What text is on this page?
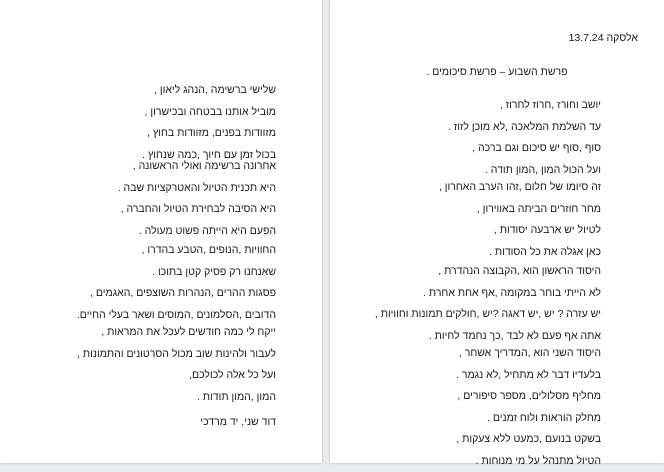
שלישי ברשימה ,הנהג ליאון ,
מוביל אותנו בבטחה ובכישרון ,
מזוודות בפנים, מזוודות בחוץ ,
בכול זמן עם חיוך ,כמה שנחוץ .
אחרונה ברשימה ואולי הראשונה ,
היא תכנית הטיול והאטרקציות שבה .
היא הסיבה לבחירת הטיול והחברה ,
הפעם היא הייתה פשוט מעולה .
החוויות ,הנופים ,הטבע בהדרו ,
שאנחנו רק פסיק קטן בתוכו .
פסגות ההרים ,הנהרות השוצפים ,האגמים ,
הדובים ,הסלמונים ,המוסים ושאר בעלי החיים.
ייקח לי כמה חודשים לעכל את המראות ,
לעבור ולהינות שוב מכול הסרטונים והתמונות ,
ועל כל אלה לכולכם,
המון ,המון תודות .
דוד שני, יד מרדכי
אלסקה 13.7.24
פרשת השבוע – פרשת סיכומים .
יושב וחורז ,חרוז לחרוז ,
עד השלמת המלאכה ,לא מוכן לזוז .
סוף ,סוף יש סיכום וגם ברכה ,
ועל הכול המון ,המון תודה .
זה סיומו של חלום ,זהו הערב האחרון ,
מחר חוזרים הביתה באווירון ,
לטיול יש ארבעה יסודות ,
כאן אגלה את כל הסודות .
היסוד הראשון הוא ,הקבוצה הנהדרת ,
לא הייתי בוחר במקומה ,אף אחת אחרת .
יש עזרה ? יש ,יש דאגה ?יש ,חולקים תמונות וחוויות ,
אתה אף פעם לא לבד ,כך נחמד לחיות .
היסוד השני הוא ,המדריך אשחר ,
בלעדיו דבר לא מתחיל ,לא נגמר .
מחליף מסלולים, מספר סיפורים ,
מחלק הוראות ולוח זמנים .
בשקט בנועם ,כמעט ללא צעקות ,
הטיול מתנהל על מי מנוחות .
